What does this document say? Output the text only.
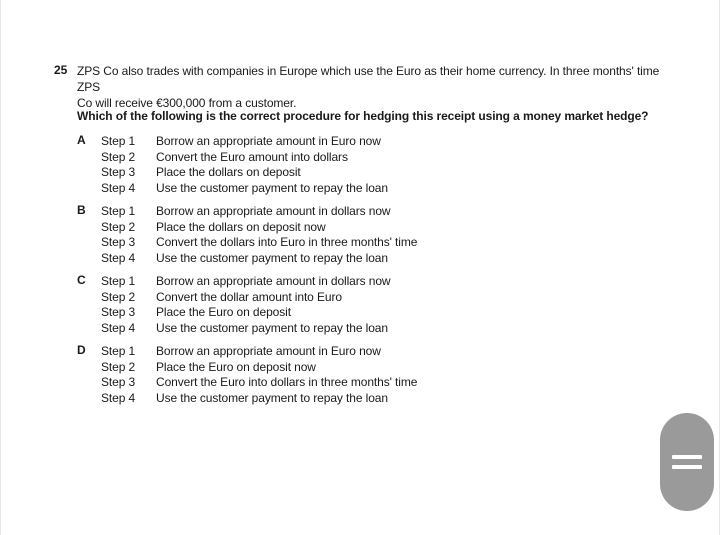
25 ZPS Co also trades with companies in Europe which use the Euro as their home currency. In three months' time ZPS
Co will receive €300,000 from a customer.
Which of the following is the correct procedure for hedging this receipt using a money market hedge?
A Step 1	Borrow an appropriate amount in Euro now
Step 2	Convert the Euro amount into dollars
Step 3	Place the dollars on deposit
Step 4	Use the customer payment to repay the loan
B Step 1	Borrow an appropriate amount in dollars now
Step 2	Place the dollars on deposit now
Step 3	Convert the dollars into Euro in three months' time
Step 4	Use the customer payment to repay the loan
C Step 1	Borrow an appropriate amount in dollars now
Step 2	Convert the dollar amount into Euro
Step 3	Place the Euro on deposit
Step 4	Use the customer payment to repay the loan
D Step 1	Borrow an appropriate amount in Euro now
Step 2	Place the Euro on deposit now
Step 3	Convert the Euro into dollars in three months' time
Step 4	Use the customer payment to repay the loan
